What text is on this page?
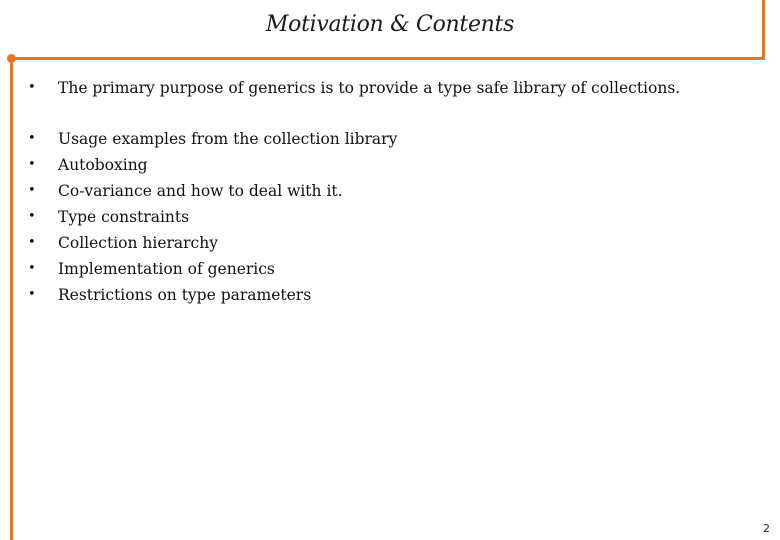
Motivation & Contents
• The primary purpose of generics is to provide a type safe library of collections.
• Usage examples from the collection library
• Autoboxing
• Co-variance and how to deal with it.
• Type constraints
• Collection hierarchy
• Implementation of generics
• Restrictions on type parameters
2
